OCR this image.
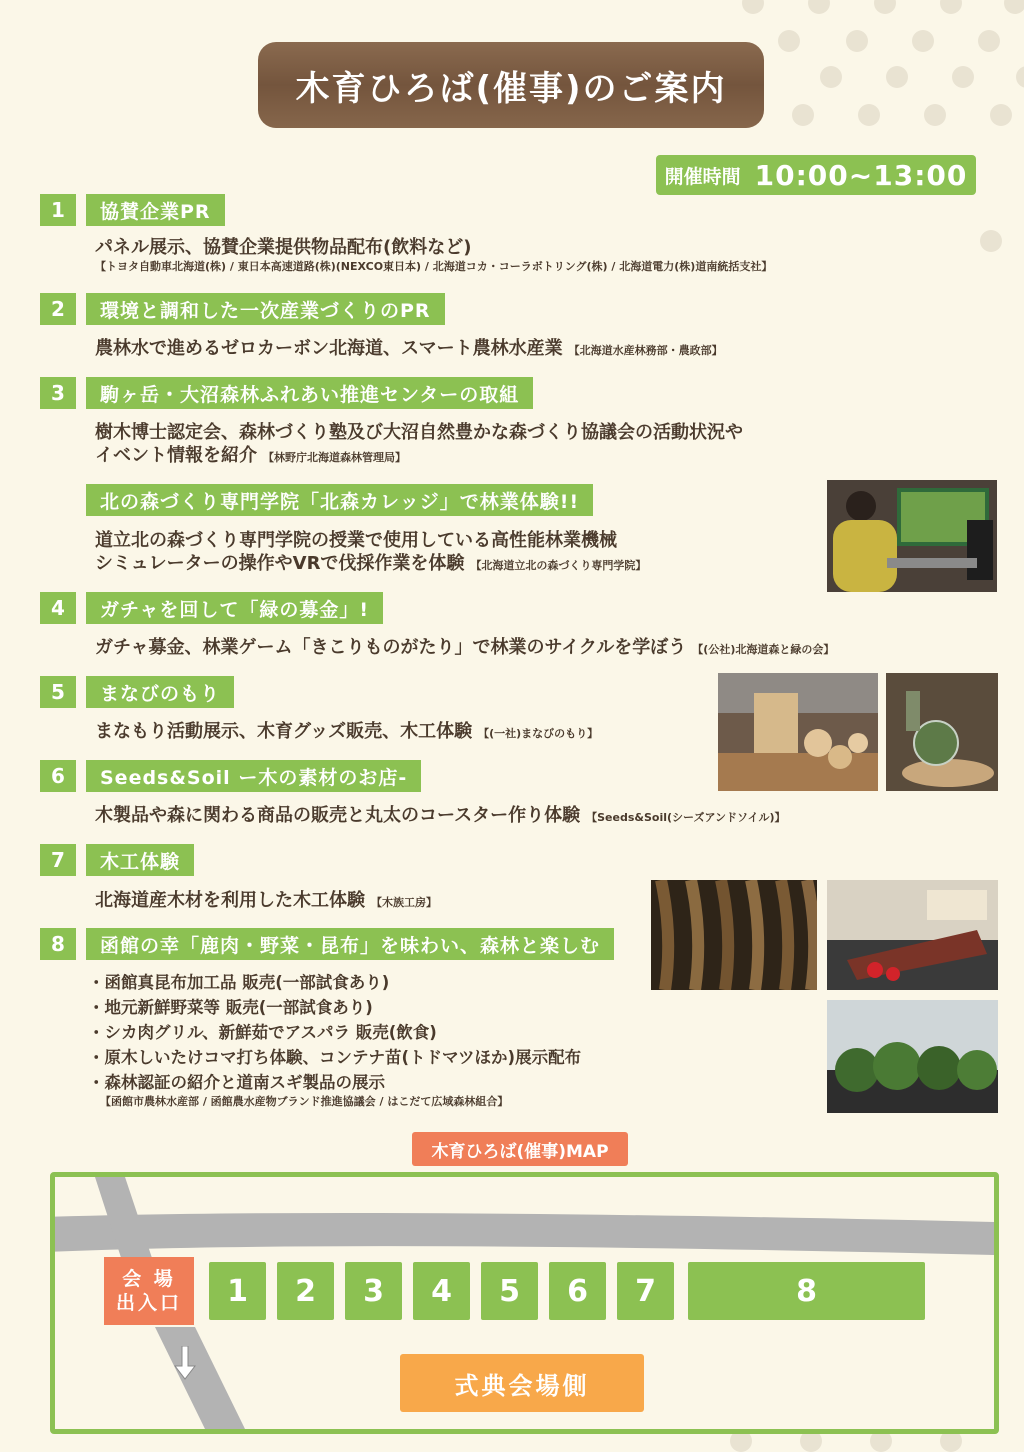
木育ひろば(催事)のご案内
開催時間 10:00~13:00
1	協賛企業PR
パネル展示、協賛企業提供物品配布(飲料など)
【トヨタ自動車北海道(株) / 東日本高速道路(株)(NEXCO東日本) / 北海道コカ・コーラボトリング(株) / 北海道電力(株)道南統括支社】
2	環境と調和した一次産業づくりのPR
農林水で進めるゼロカーボン北海道、スマート農林水産業 【北海道水産林務部・農政部】
3	駒ヶ岳・大沼森林ふれあい推進センターの取組
樹木博士認定会、森林づくり塾及び大沼自然豊かな森づくり協議会の活動状況や
イベント情報を紹介 【林野庁北海道森林管理局】
北の森づくり専門学院「北森カレッジ」で林業体験!!
道立北の森づくり専門学院の授業で使用している高性能林業機械
シミュレーターの操作やVRで伐採作業を体験 【北海道立北の森づくり専門学院】
4	ガチャを回して「緑の募金」!
ガチャ募金、林業ゲーム「きこりものがたり」で林業のサイクルを学ぼう 【(公社)北海道森と緑の会】
5	まなびのもり
まなもり活動展示、木育グッズ販売、木工体験 【(一社)まなびのもり】
6	Seeds&Soil ー木の素材のお店-
木製品や森に関わる商品の販売と丸太のコースター作り体験 【Seeds&Soil(シーズアンドソイル)】
7	木工体験
北海道産木材を利用した木工体験 【木族工房】
8	函館の幸「鹿肉・野菜・昆布」を味わい、森林と楽しむ
・函館真昆布加工品 販売(一部試食あり)
・地元新鮮野菜等 販売(一部試食あり)
・シカ肉グリル、新鮮茹でアスパラ 販売(飲食)
・原木しいたけコマ打ち体験、コンテナ苗(トドマツほか)展示配布
・森林認証の紹介と道南スギ製品の展示
【函館市農林水産部 / 函館農水産物ブランド推進協議会 / はこだて広域森林組合】
木育ひろば(催事)MAP
会 場
出入口	1	2	3	4	5	6	7	8
式典会場側
